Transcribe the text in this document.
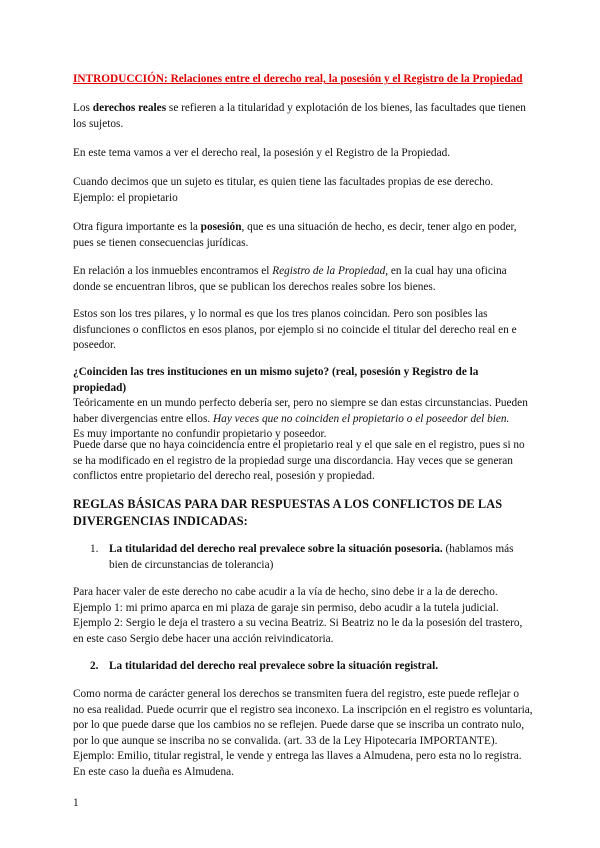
INTRODUCCIÓN: Relaciones entre el derecho real, la posesión y el Registro de la Propiedad

Los derechos reales se refieren a la titularidad y explotación de los bienes, las facultades que tienen los sujetos.

En este tema vamos a ver el derecho real, la posesión y el Registro de la Propiedad.

Cuando decimos que un sujeto es titular, es quien tiene las facultades propias de ese derecho.
Ejemplo: el propietario

Otra figura importante es la posesión, que es una situación de hecho, es decir, tener algo en poder, pues se tienen consecuencias jurídicas.

En relación a los inmuebles encontramos el Registro de la Propiedad, en la cual hay una oficina donde se encuentran libros, que se publican los derechos reales sobre los bienes.

Estos son los tres pilares, y lo normal es que los tres planos coincidan. Pero son posibles las disfunciones o conflictos en esos planos, por ejemplo si no coincide el titular del derecho real en e poseedor.

¿Coinciden las tres instituciones en un mismo sujeto? (real, posesión y Registro de la propiedad)
Teóricamente en un mundo perfecto debería ser, pero no siempre se dan estas circunstancias. Pueden haber divergencias entre ellos. Hay veces que no coinciden el propietario o el poseedor del bien.
Es muy importante no confundir propietario y poseedor.

Puede darse que no haya coincidencia entre el propietario real y el que sale en el registro, pues si no se ha modificado en el registro de la propiedad surge una discordancia. Hay veces que se generan conflictos entre propietario del derecho real, posesión y propiedad.

REGLAS BÁSICAS PARA DAR RESPUESTAS A LOS CONFLICTOS DE LAS DIVERGENCIAS INDICADAS:

1. La titularidad del derecho real prevalece sobre la situación posesoria. (hablamos más bien de circunstancias de tolerancia)

Para hacer valer de este derecho no cabe acudir a la vía de hecho, sino debe ir a la de derecho.
Ejemplo 1: mi primo aparca en mi plaza de garaje sin permiso, debo acudir a la tutela judicial.
Ejemplo 2: Sergio le deja el trastero a su vecina Beatriz. Si Beatriz no le da la posesión del trastero, en este caso Sergio debe hacer una acción reivindicatoria.

2. La titularidad del derecho real prevalece sobre la situación registral.

Como norma de carácter general los derechos se transmiten fuera del registro, este puede reflejar o no esa realidad. Puede ocurrir que el registro sea inconexo. La inscripción en el registro es voluntaria, por lo que puede darse que los cambios no se reflejen. Puede darse que se inscriba un contrato nulo, por lo que aunque se inscriba no se convalida. (art. 33 de la Ley Hipotecaria IMPORTANTE).
Ejemplo: Emilio, titular registral, le vende y entrega las llaves a Almudena, pero esta no lo registra.
En este caso la dueña es Almudena.

1
